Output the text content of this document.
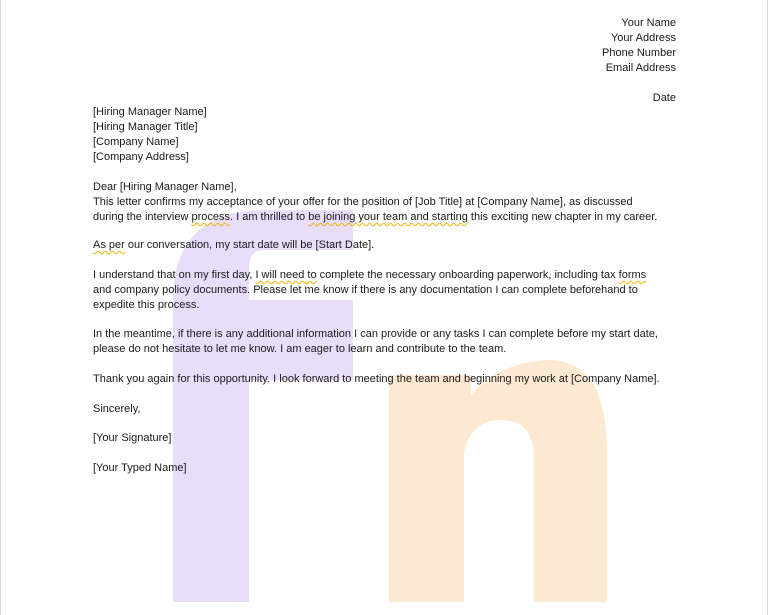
Your Name
Your Address
Phone Number
Email Address
Date
[Hiring Manager Name]
[Hiring Manager Title]
[Company Name]
[Company Address]
Dear [Hiring Manager Name],
This letter confirms my acceptance of your offer for the position of [Job Title] at [Company Name], as discussed
during the interview process. I am thrilled to be joining your team and starting this exciting new chapter in my career.
As per our conversation, my start date will be [Start Date].
I understand that on my first day, I will need to complete the necessary onboarding paperwork, including tax forms
and company policy documents. Please let me know if there is any documentation I can complete beforehand to
expedite this process.
In the meantime, if there is any additional information I can provide or any tasks I can complete before my start date,
please do not hesitate to let me know. I am eager to learn and contribute to the team.
Thank you again for this opportunity. I look forward to meeting the team and beginning my work at [Company Name].
Sincerely,
[Your Signature]
[Your Typed Name]
